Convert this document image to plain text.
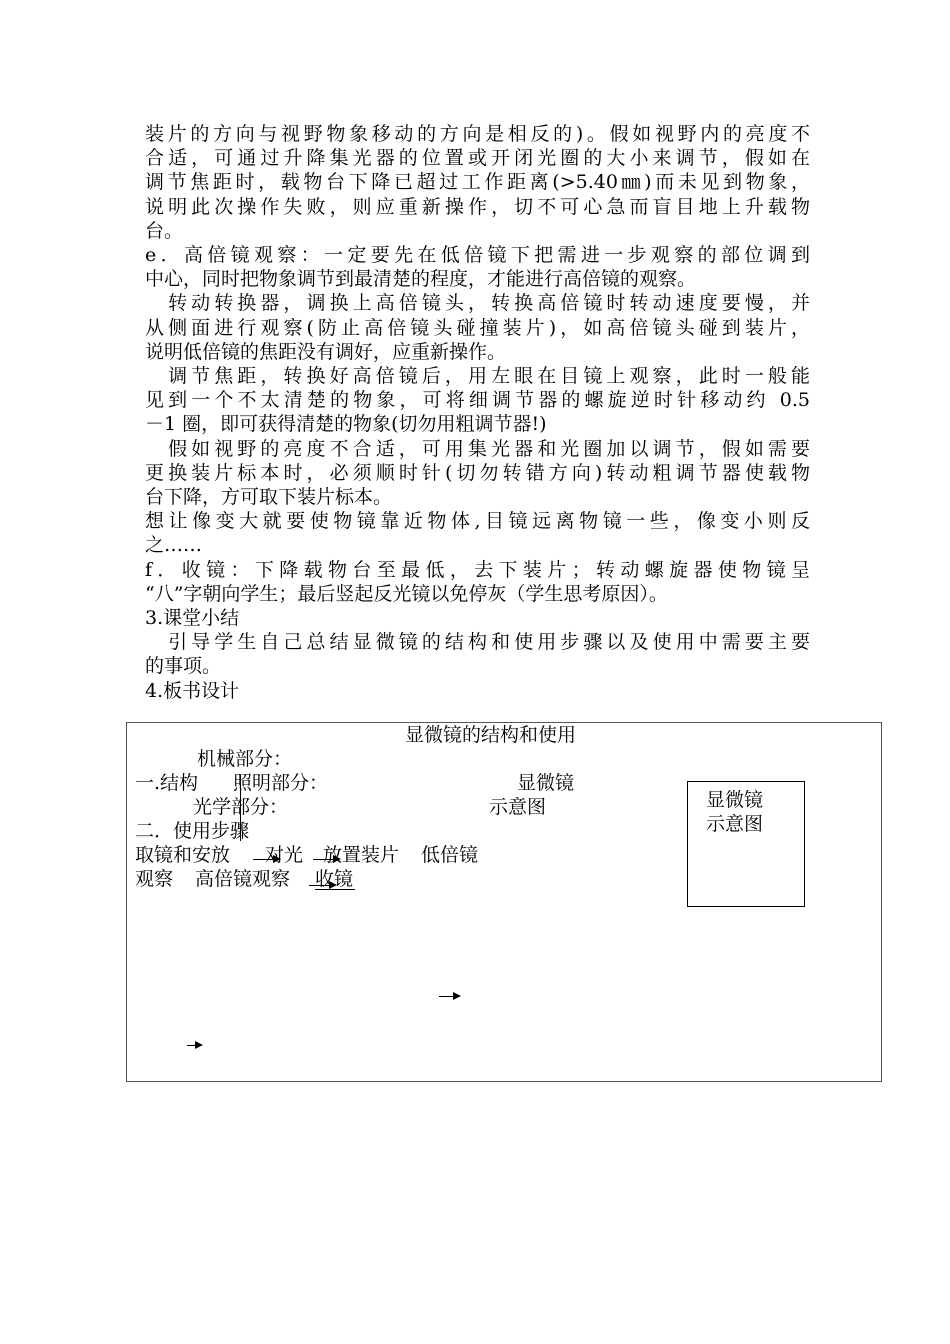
装片的方向与视野物象移动的方向是相反的)。假如视野内的亮度不
合适，可通过升降集光器的位置或开闭光圈的大小来调节，假如在
调节焦距时，载物台下降已超过工作距离(>5.40㎜)而未见到物象，
说明此次操作失败，则应重新操作，切不可心急而盲目地上升载物
台。
e．高倍镜观察：一定要先在低倍镜下把需进一步观察的部位调到
中心，同时把物象调节到最清楚的程度，才能进行高倍镜的观察。
　转动转换器，调换上高倍镜头，转换高倍镜时转动速度要慢，并
从侧面进行观察(防止高倍镜头碰撞装片)，如高倍镜头碰到装片，
说明低倍镜的焦距没有调好，应重新操作。
　调节焦距，转换好高倍镜后，用左眼在目镜上观察，此时一般能
见到一个不太清楚的物象，可将细调节器的螺旋逆时针移动约 0.5
－1 圈，即可获得清楚的物象(切勿用粗调节器!)
　假如视野的亮度不合适，可用集光器和光圈加以调节，假如需要
更换装片标本时，必须顺时针(切勿转错方向)转动粗调节器使载物
台下降，方可取下装片标本。
想让像变大就要使物镜靠近物体,目镜远离物镜一些，像变小则反
之……
f．收镜：下降载物台至最低，去下装片；转动螺旋器使物镜呈
“八”字朝向学生；最后竖起反光镜以免停灰（学生思考原因）。
3.课堂小结
　引导学生自己总结显微镜的结构和使用步骤以及使用中需要主要
的事项。
4.板书设计
显微镜的结构和使用
机械部分：
一.结构 照明部分：	显微镜
光学部分：	示意图
二．使用步骤
取镜和安放 对光 放置装片 低倍镜
观察 高倍镜观察 收镜
显微镜
示意图
